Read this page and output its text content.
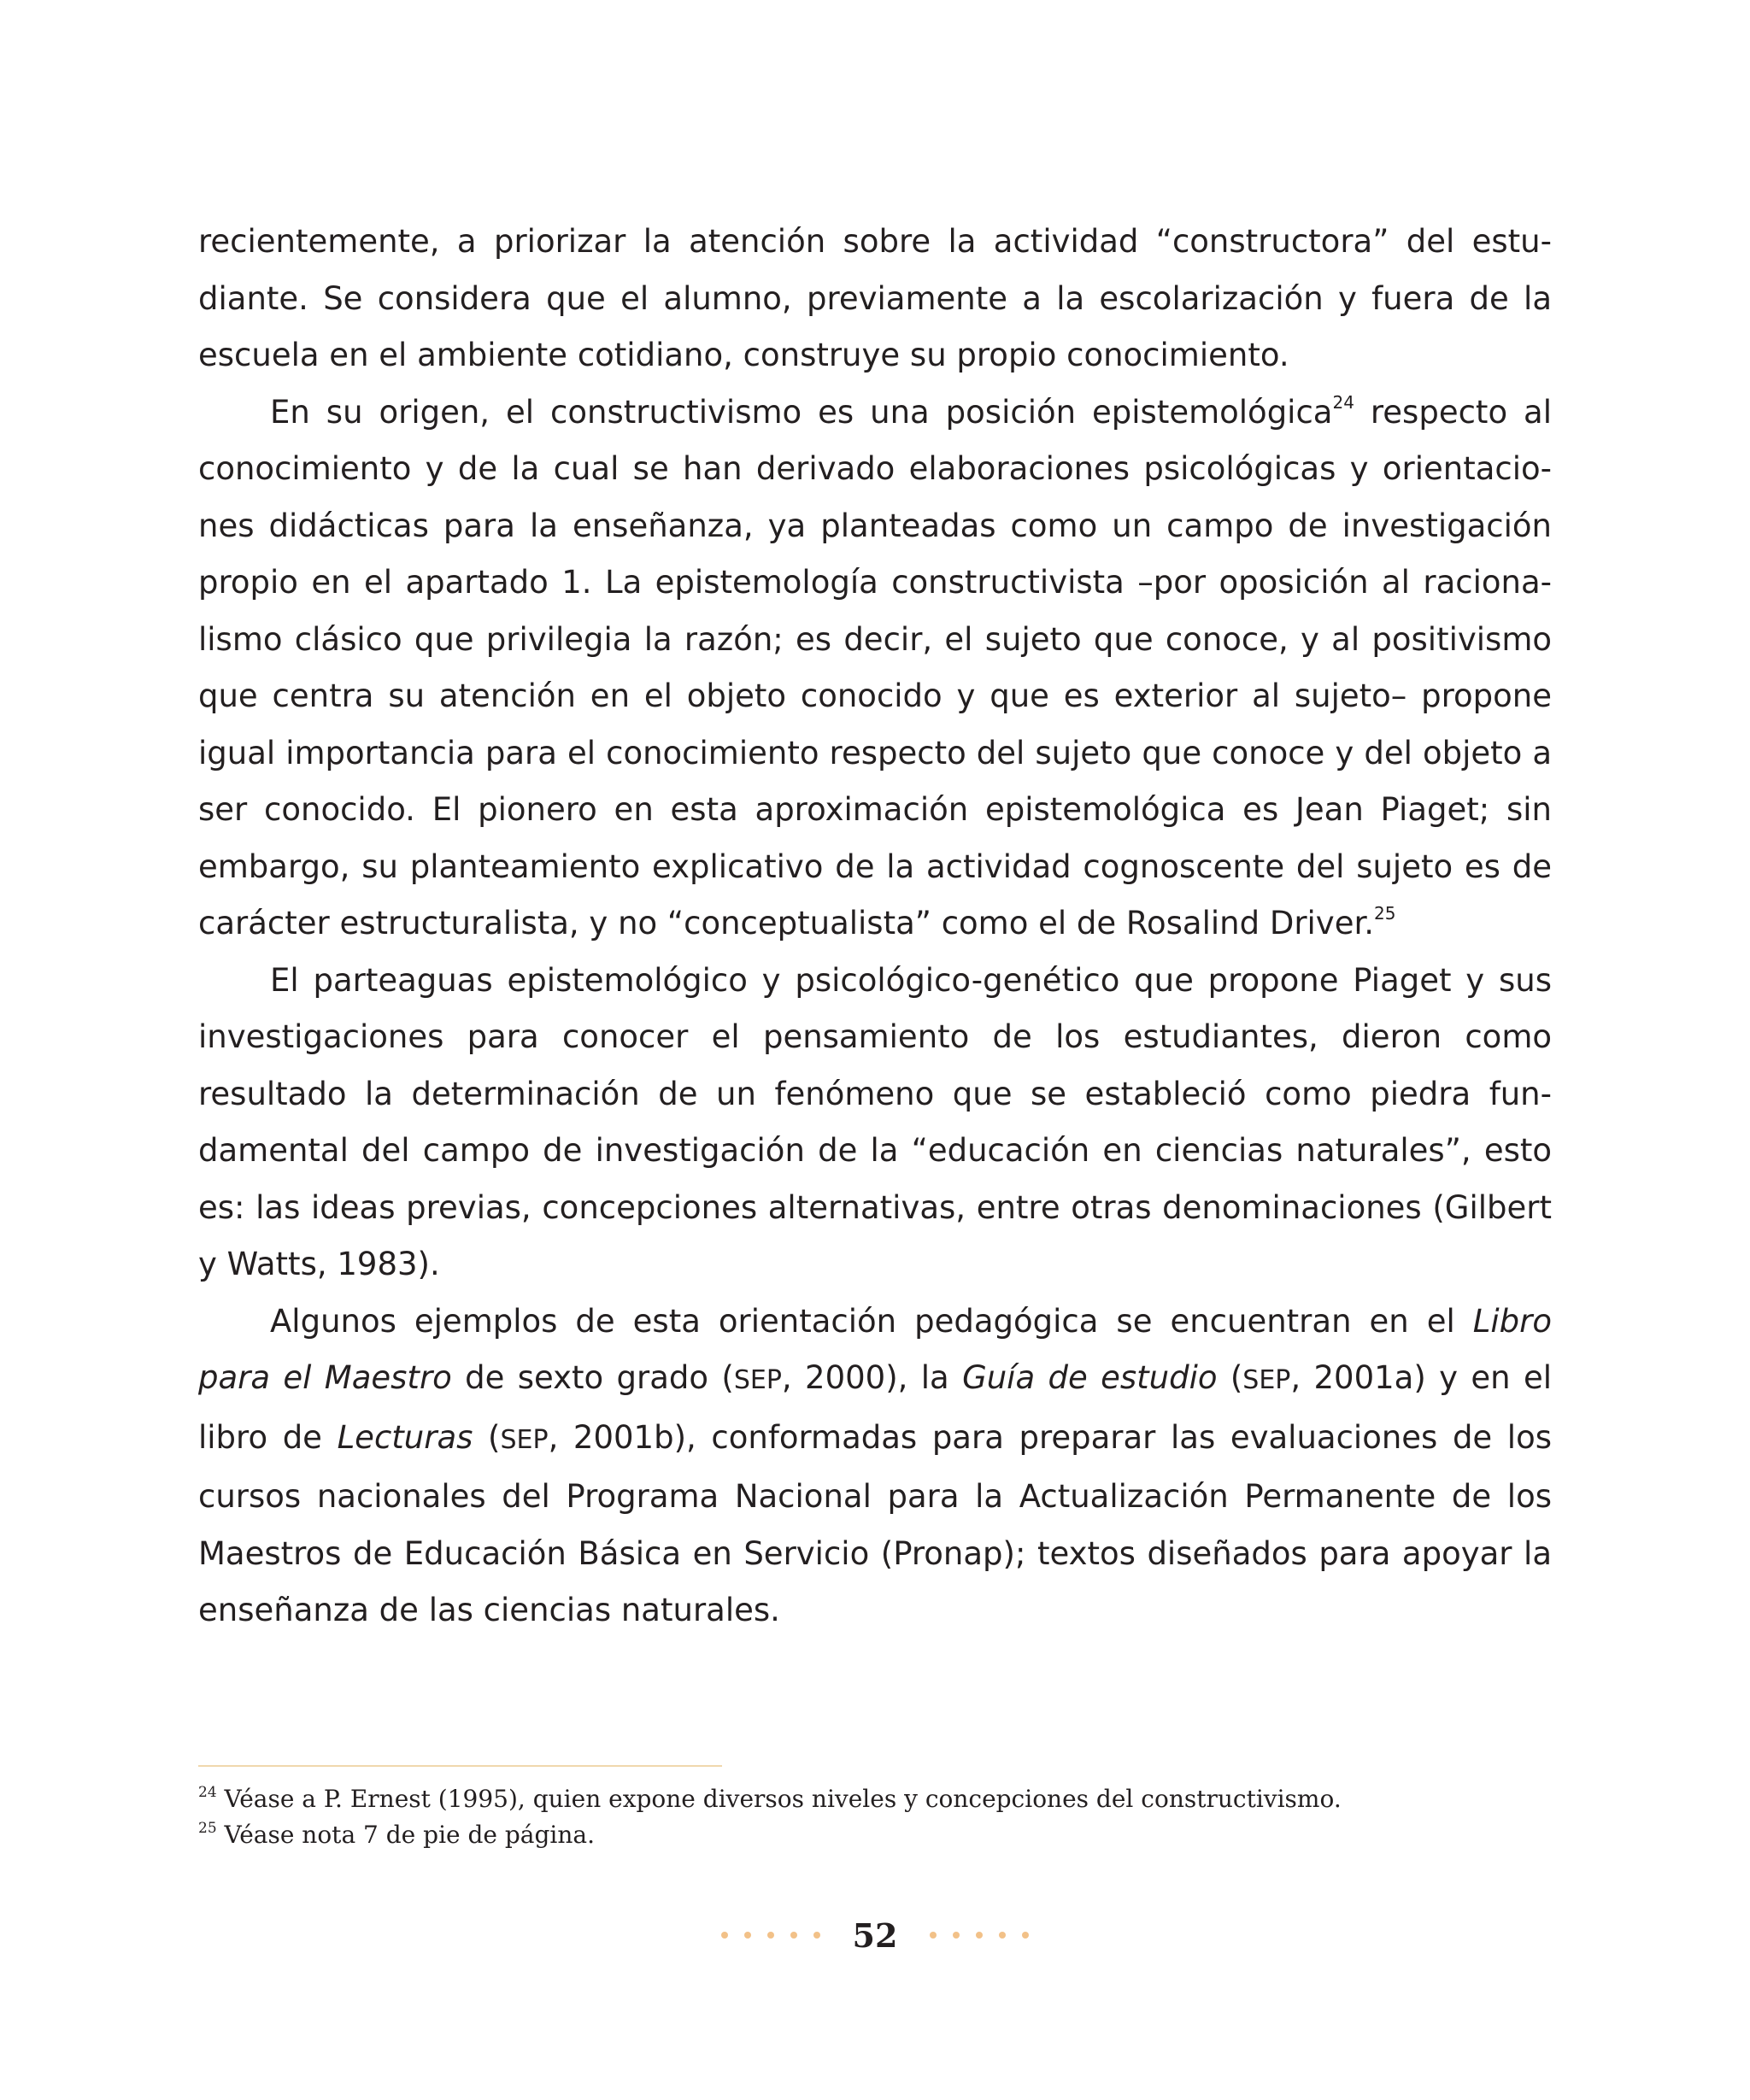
recientemente, a priorizar la atención sobre la actividad “constructora” del estudiante. Se considera que el alumno, previamente a la escolarización y fuera de la escuela en el ambiente cotidiano, construye su propio conocimiento.

En su origen, el constructivismo es una posición epistemológica$^{24}$ respecto al conocimiento y de la cual se han derivado elaboraciones psicológicas y orientaciones didácticas para la enseñanza, ya planteadas como un campo de investigación propio en el apartado 1. La epistemología constructivista –por oposición al racionalismo clásico que privilegia la razón; es decir, el sujeto que conoce, y al positivismo que centra su atención en el objeto conocido y que es exterior al sujeto– propone igual importancia para el conocimiento respecto del sujeto que conoce y del objeto a ser conocido. El pionero en esta aproximación epistemológica es Jean Piaget; sin embargo, su planteamiento explicativo de la actividad cognoscente del sujeto es de carácter estructuralista, y no “conceptualista” como el de Rosalind Driver.$^{25}$

El parteaguas epistemológico y psicológico-genético que propone Piaget y sus investigaciones para conocer el pensamiento de los estudiantes, dieron como resultado la determinación de un fenómeno que se estableció como piedra fundamental del campo de investigación de la “educación en ciencias naturales”, esto es: las ideas previas, concepciones alternativas, entre otras denominaciones (Gilbert y Watts, 1983).

Algunos ejemplos de esta orientación pedagógica se encuentran en el Libro para el Maestro de sexto grado (SEP, 2000), la Guía de estudio (SEP, 2001a) y en el libro de Lecturas (SEP, 2001b), conformadas para preparar las evaluaciones de los cursos nacionales del Programa Nacional para la Actualización Permanente de los Maestros de Educación Básica en Servicio (Pronap); textos diseñados para apoyar la enseñanza de las ciencias naturales.

$^{24}$ Véase a P. Ernest (1995), quien expone diversos niveles y concepciones del constructivismo.

$^{25}$ Véase nota 7 de pie de página.

52
